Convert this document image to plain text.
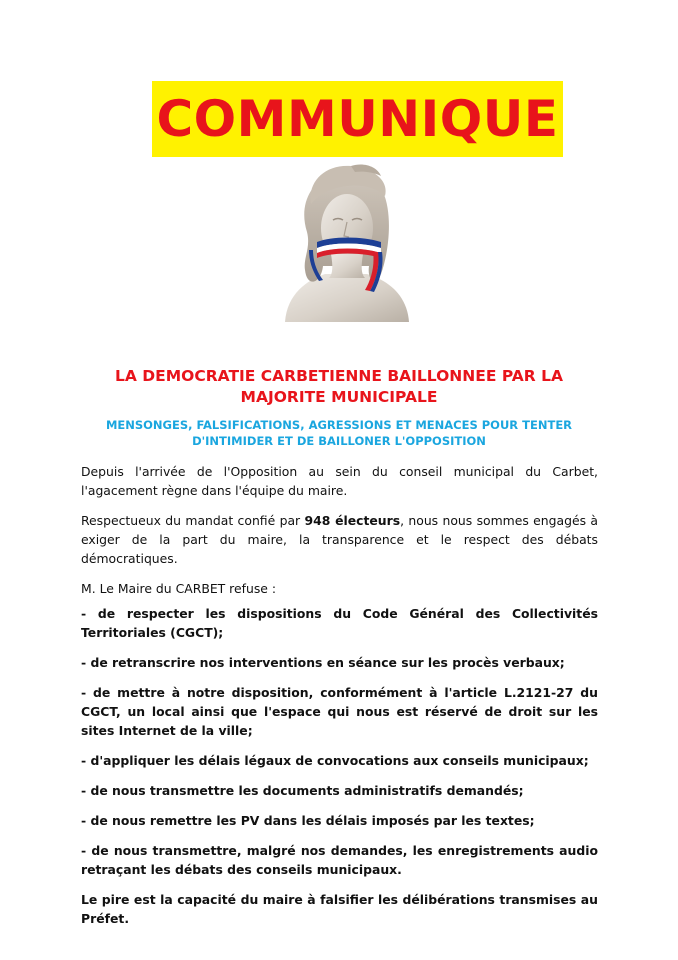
COMMUNIQUE
LA DEMOCRATIE CARBETIENNE BAILLONNEE PAR LA MAJORITE MUNICIPALE
MENSONGES, FALSIFICATIONS, AGRESSIONS ET MENACES POUR TENTER D'INTIMIDER ET DE BAILLONER L'OPPOSITION

Depuis l'arrivée de l'Opposition au sein du conseil municipal du Carbet, l'agacement règne dans l'équipe du maire.

Respectueux du mandat confié par 948 électeurs, nous nous sommes engagés à exiger de la part du maire, la transparence et le respect des débats démocratiques.

M. Le Maire du CARBET refuse :

- de respecter les dispositions du Code Général des Collectivités Territoriales (CGCT);

- de retranscrire nos interventions en séance sur les procès verbaux;

- de mettre à notre disposition, conformément à l'article L.2121-27 du CGCT, un local ainsi que l'espace qui nous est réservé de droit sur les sites Internet de la ville;

- d'appliquer les délais légaux de convocations aux conseils municipaux;

- de nous transmettre les documents administratifs demandés;

- de nous remettre les PV dans les délais imposés par les textes;

- de nous transmettre, malgré nos demandes, les enregistrements audio retraçant les débats des conseils municipaux.

Le pire est la capacité du maire à falsifier les délibérations transmises au Préfet.
